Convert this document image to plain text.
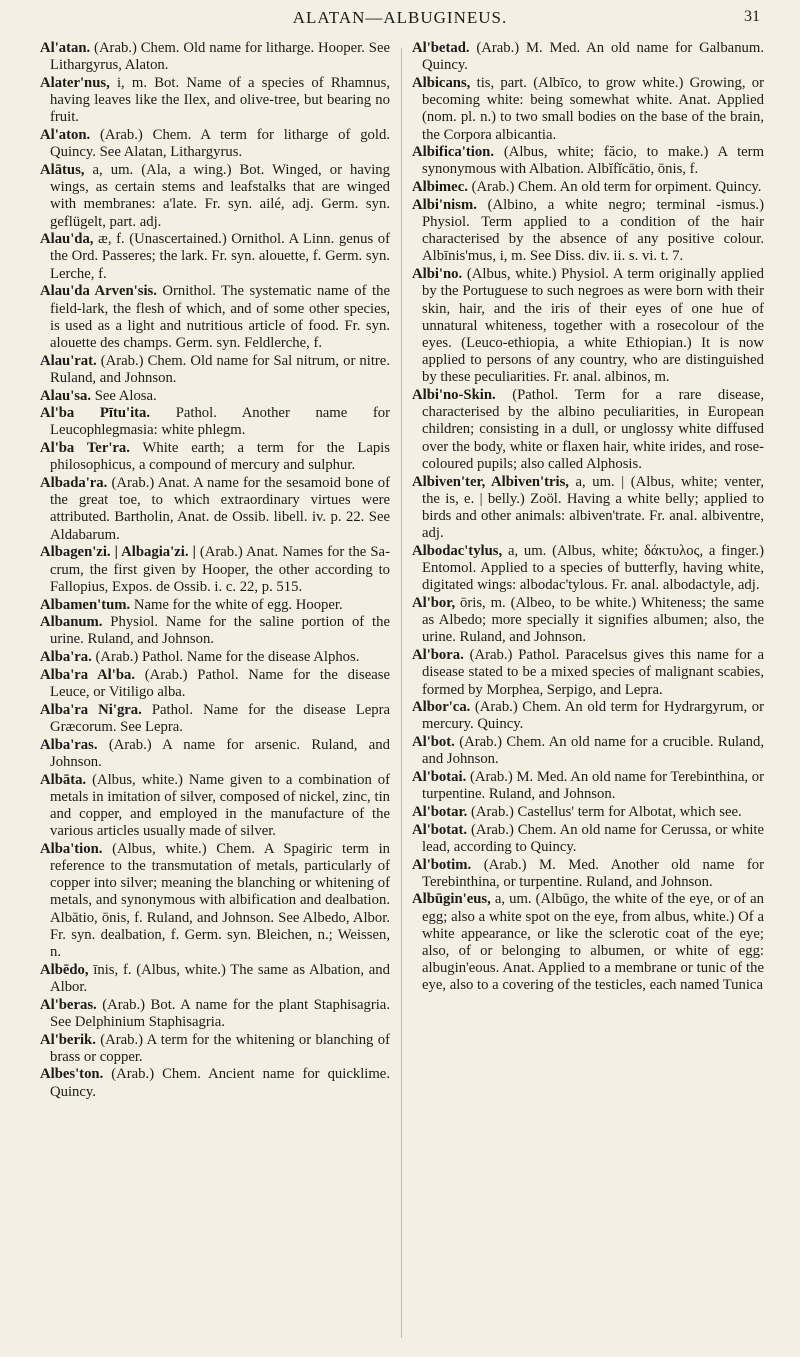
ALATAN—ALBUGINEUS.	31

Al'atan. (Arab.) Chem. Old name for litharge. Hooper. See Lithargyrus, Alaton.

Alater'nus, i, m. Bot. Name of a species of Rhamnus, having leaves like the Ilex, and olive-tree, but bearing no fruit.

Al'aton. (Arab.) Chem. A term for litharge of gold. Quincy. See Alatan, Lithargyrus.

Alātus, a, um. (Ala, a wing.) Bot. Winged, or having wings, as certain stems and leafstalks that are winged with membranes: a'late. Fr. syn. ailé, adj. Germ. syn. geflügelt, part. adj.

Alau'da, æ, f. (Unascertained.) Ornithol. A Linn. genus of the Ord. Passeres; the lark. Fr. syn. alouette, f. Germ. syn. Lerche, f.

Alau'da Arven'sis. Ornithol. The systematic name of the field-lark, the flesh of which, and of some other species, is used as a light and nutritious article of food. Fr. syn. alouette des champs. Germ. syn. Feldlerche, f.

Alau'rat. (Arab.) Chem. Old name for Sal nitrum, or nitre. Ruland, and Johnson.

Alau'sa. See Alosa.

Al'ba Pītu'ita. Pathol. Another name for Leucophlegmasia: white phlegm.

Al'ba Ter'ra. White earth; a term for the Lapis philosophicus, a compound of mercury and sulphur.

Albada'ra. (Arab.) Anat. A name for the sesamoid bone of the great toe, to which extraordinary virtues were attributed. Bartholin, Anat. de Ossib. libell. iv. p. 22. See Aldabarum.

Albagen'zi. | Albagia'zi. | (Arab.) Anat. Names for the Sacrum, the first given by Hooper, the other according to Fallopius, Expos. de Ossib. i. c. 22, p. 515.

Albamen'tum. Name for the white of egg. Hooper.

Albanum. Physiol. Name for the saline portion of the urine. Ruland, and Johnson.

Alba'ra. (Arab.) Pathol. Name for the disease Alphos.

Alba'ra Al'ba. (Arab.) Pathol. Name for the disease Leuce, or Vitiligo alba.

Alba'ra Ni'gra. Pathol. Name for the disease Lepra Græcorum. See Lepra.

Alba'ras. (Arab.) A name for arsenic. Ruland, and Johnson.

Albāta. (Albus, white.) Name given to a combination of metals in imitation of silver, composed of nickel, zinc, tin and copper, and employed in the manufacture of the various articles usually made of silver.

Alba'tion. (Albus, white.) Chem. A Spagiric term in reference to the transmutation of metals, particularly of copper into silver; meaning the blanching or whitening of metals, and synonymous with albification and dealbation. Albātio, ōnis, f. Ruland, and Johnson. See Albedo, Albor. Fr. syn. dealbation, f. Germ. syn. Bleichen, n.; Weissen, n.

Albēdo, īnis, f. (Albus, white.) The same as Albation, and Albor.

Al'beras. (Arab.) Bot. A name for the plant Staphisagria. See Delphinium Staphisagria.

Al'berik. (Arab.) A term for the whitening or blanching of brass or copper.

Albes'ton. (Arab.) Chem. Ancient name for quicklime. Quincy.

Al'betad. (Arab.) M. Med. An old name for Galbanum. Quincy.

Albicans, tis, part. (Albīco, to grow white.) Growing, or becoming white: being somewhat white. Anat. Applied (nom. pl. n.) to two small bodies on the base of the brain, the Corpora albicantia.

Albifica'tion. (Albus, white; făcio, to make.) A term synonymous with Albation. Albĭfĭcātio, ōnis, f.

Albimec. (Arab.) Chem. An old term for orpiment. Quincy.

Albi'nism. (Albino, a white negro; terminal -ismus.) Physiol. Term applied to a condition of the hair characterised by the absence of any positive colour. Albīnis'mus, i, m. See Diss. div. ii. s. vi. t. 7.

Albi'no. (Albus, white.) Physiol. A term originally applied by the Portuguese to such negroes as were born with their skin, hair, and the iris of their eyes of one hue of unnatural whiteness, together with a rosecolour of the eyes. (Leuco-ethiopia, a white Ethiopian.) It is now applied to persons of any country, who are distinguished by these peculiarities. Fr. anal. albinos, m.

Albi'no-Skin. (Pathol. Term for a rare disease, characterised by the albino peculiarities, in European children; consisting in a dull, or unglossy white diffused over the body, white or flaxen hair, white irides, and rose-coloured pupils; also called Alphosis.

Albiven'ter, Albiven'tris, a, um. | (Albus, white; venter, the is, e. | belly.) Zoöl. Having a white belly; applied to birds and other animals: albiven'trate. Fr. anal. albiventre, adj.

Albodac'tylus, a, um. (Albus, white; δάκτυλος, a finger.) Entomol. Applied to a species of butterfly, having white, digitated wings: albodac'tylous. Fr. anal. albodactyle, adj.

Al'bor, ōris, m. (Albeo, to be white.) Whiteness; the same as Albedo; more specially it signifies albumen; also, the urine. Ruland, and Johnson.

Al'bora. (Arab.) Pathol. Paracelsus gives this name for a disease stated to be a mixed species of malignant scabies, formed by Morphea, Serpigo, and Lepra.

Albor'ca. (Arab.) Chem. An old term for Hydrargyrum, or mercury. Quincy.

Al'bot. (Arab.) Chem. An old name for a crucible. Ruland, and Johnson.

Al'botai. (Arab.) M. Med. An old name for Terebinthina, or turpentine. Ruland, and Johnson.

Al'botar. (Arab.) Castellus' term for Albotat, which see.

Al'botat. (Arab.) Chem. An old name for Cerussa, or white lead, according to Quincy.

Al'botim. (Arab.) M. Med. Another old name for Terebinthina, or turpentine. Ruland, and Johnson.

Albūgin'eus, a, um. (Albūgo, the white of the eye, or of an egg; also a white spot on the eye, from albus, white.) Of a white appearance, or like the sclerotic coat of the eye; also, of or belonging to albumen, or white of egg: albugin'eous. Anat. Applied to a membrane or tunic of the eye, also to a covering of the testicles, each named Tunica
